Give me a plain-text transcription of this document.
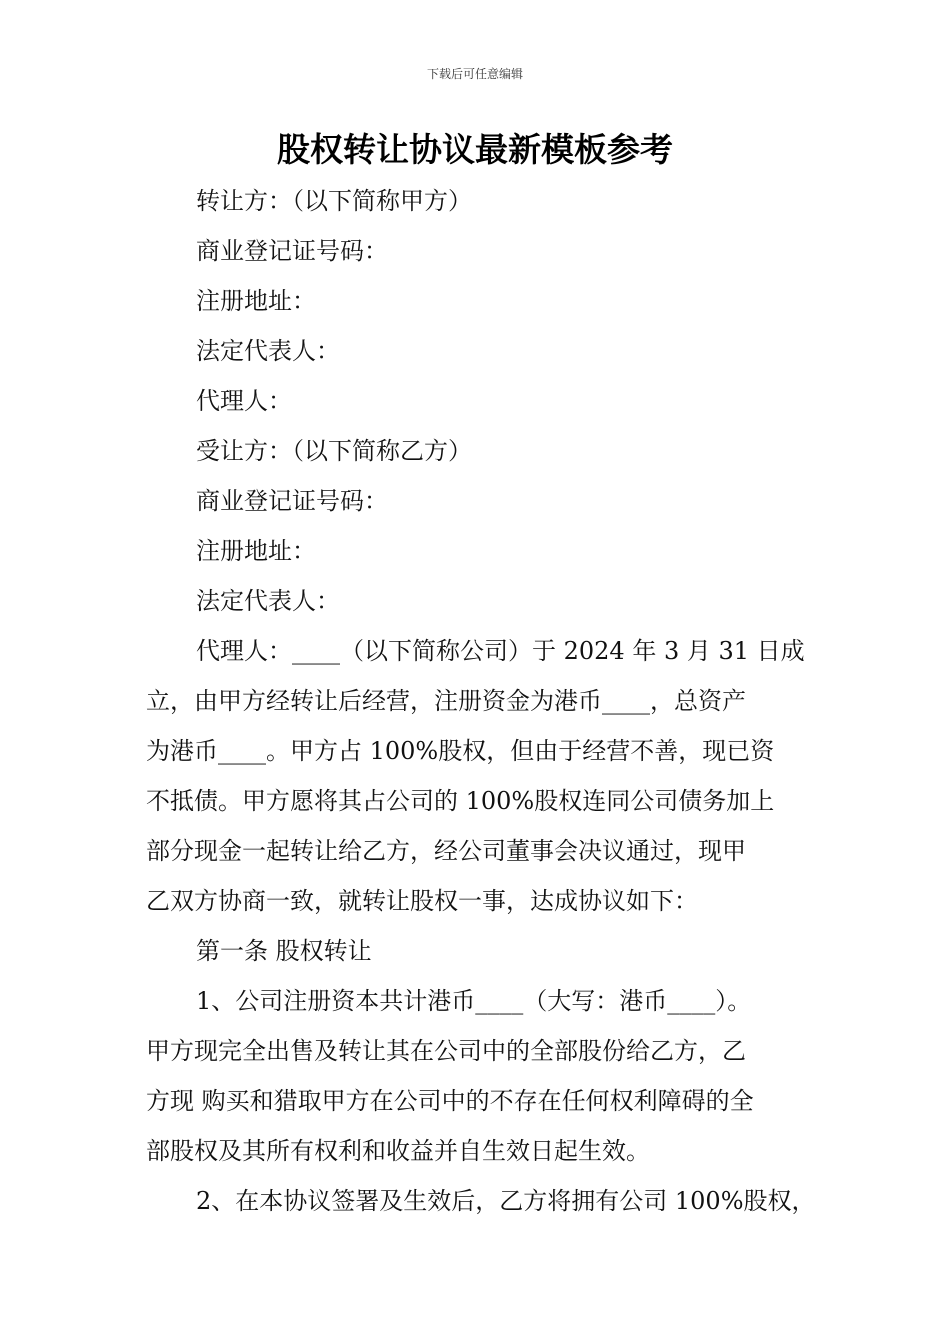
下载后可任意编辑
股权转让协议最新模板参考
转让方：（以下简称甲方）
商业登记证号码：
注册地址：
法定代表人：
代理人：
受让方：（以下简称乙方）
商业登记证号码：
注册地址：
法定代表人：
代理人：____（以下简称公司）于 2024 年 3 月 31 日成
立，由甲方经转让后经营，注册资金为港币____，总资产
为港币____。甲方占 100%股权，但由于经营不善，现已资
不抵债。甲方愿将其占公司的 100%股权连同公司债务加上
部分现金一起转让给乙方，经公司董事会决议通过，现甲
乙双方协商一致，就转让股权一事，达成协议如下：
第一条 股权转让
1、公司注册资本共计港币____（大写：港币____）。
甲方现完全出售及转让其在公司中的全部股份给乙方，乙
方现 购买和猎取甲方在公司中的不存在任何权利障碍的全
部股权及其所有权利和收益并自生效日起生效。
2、在本协议签署及生效后，乙方将拥有公司 100%股权，
